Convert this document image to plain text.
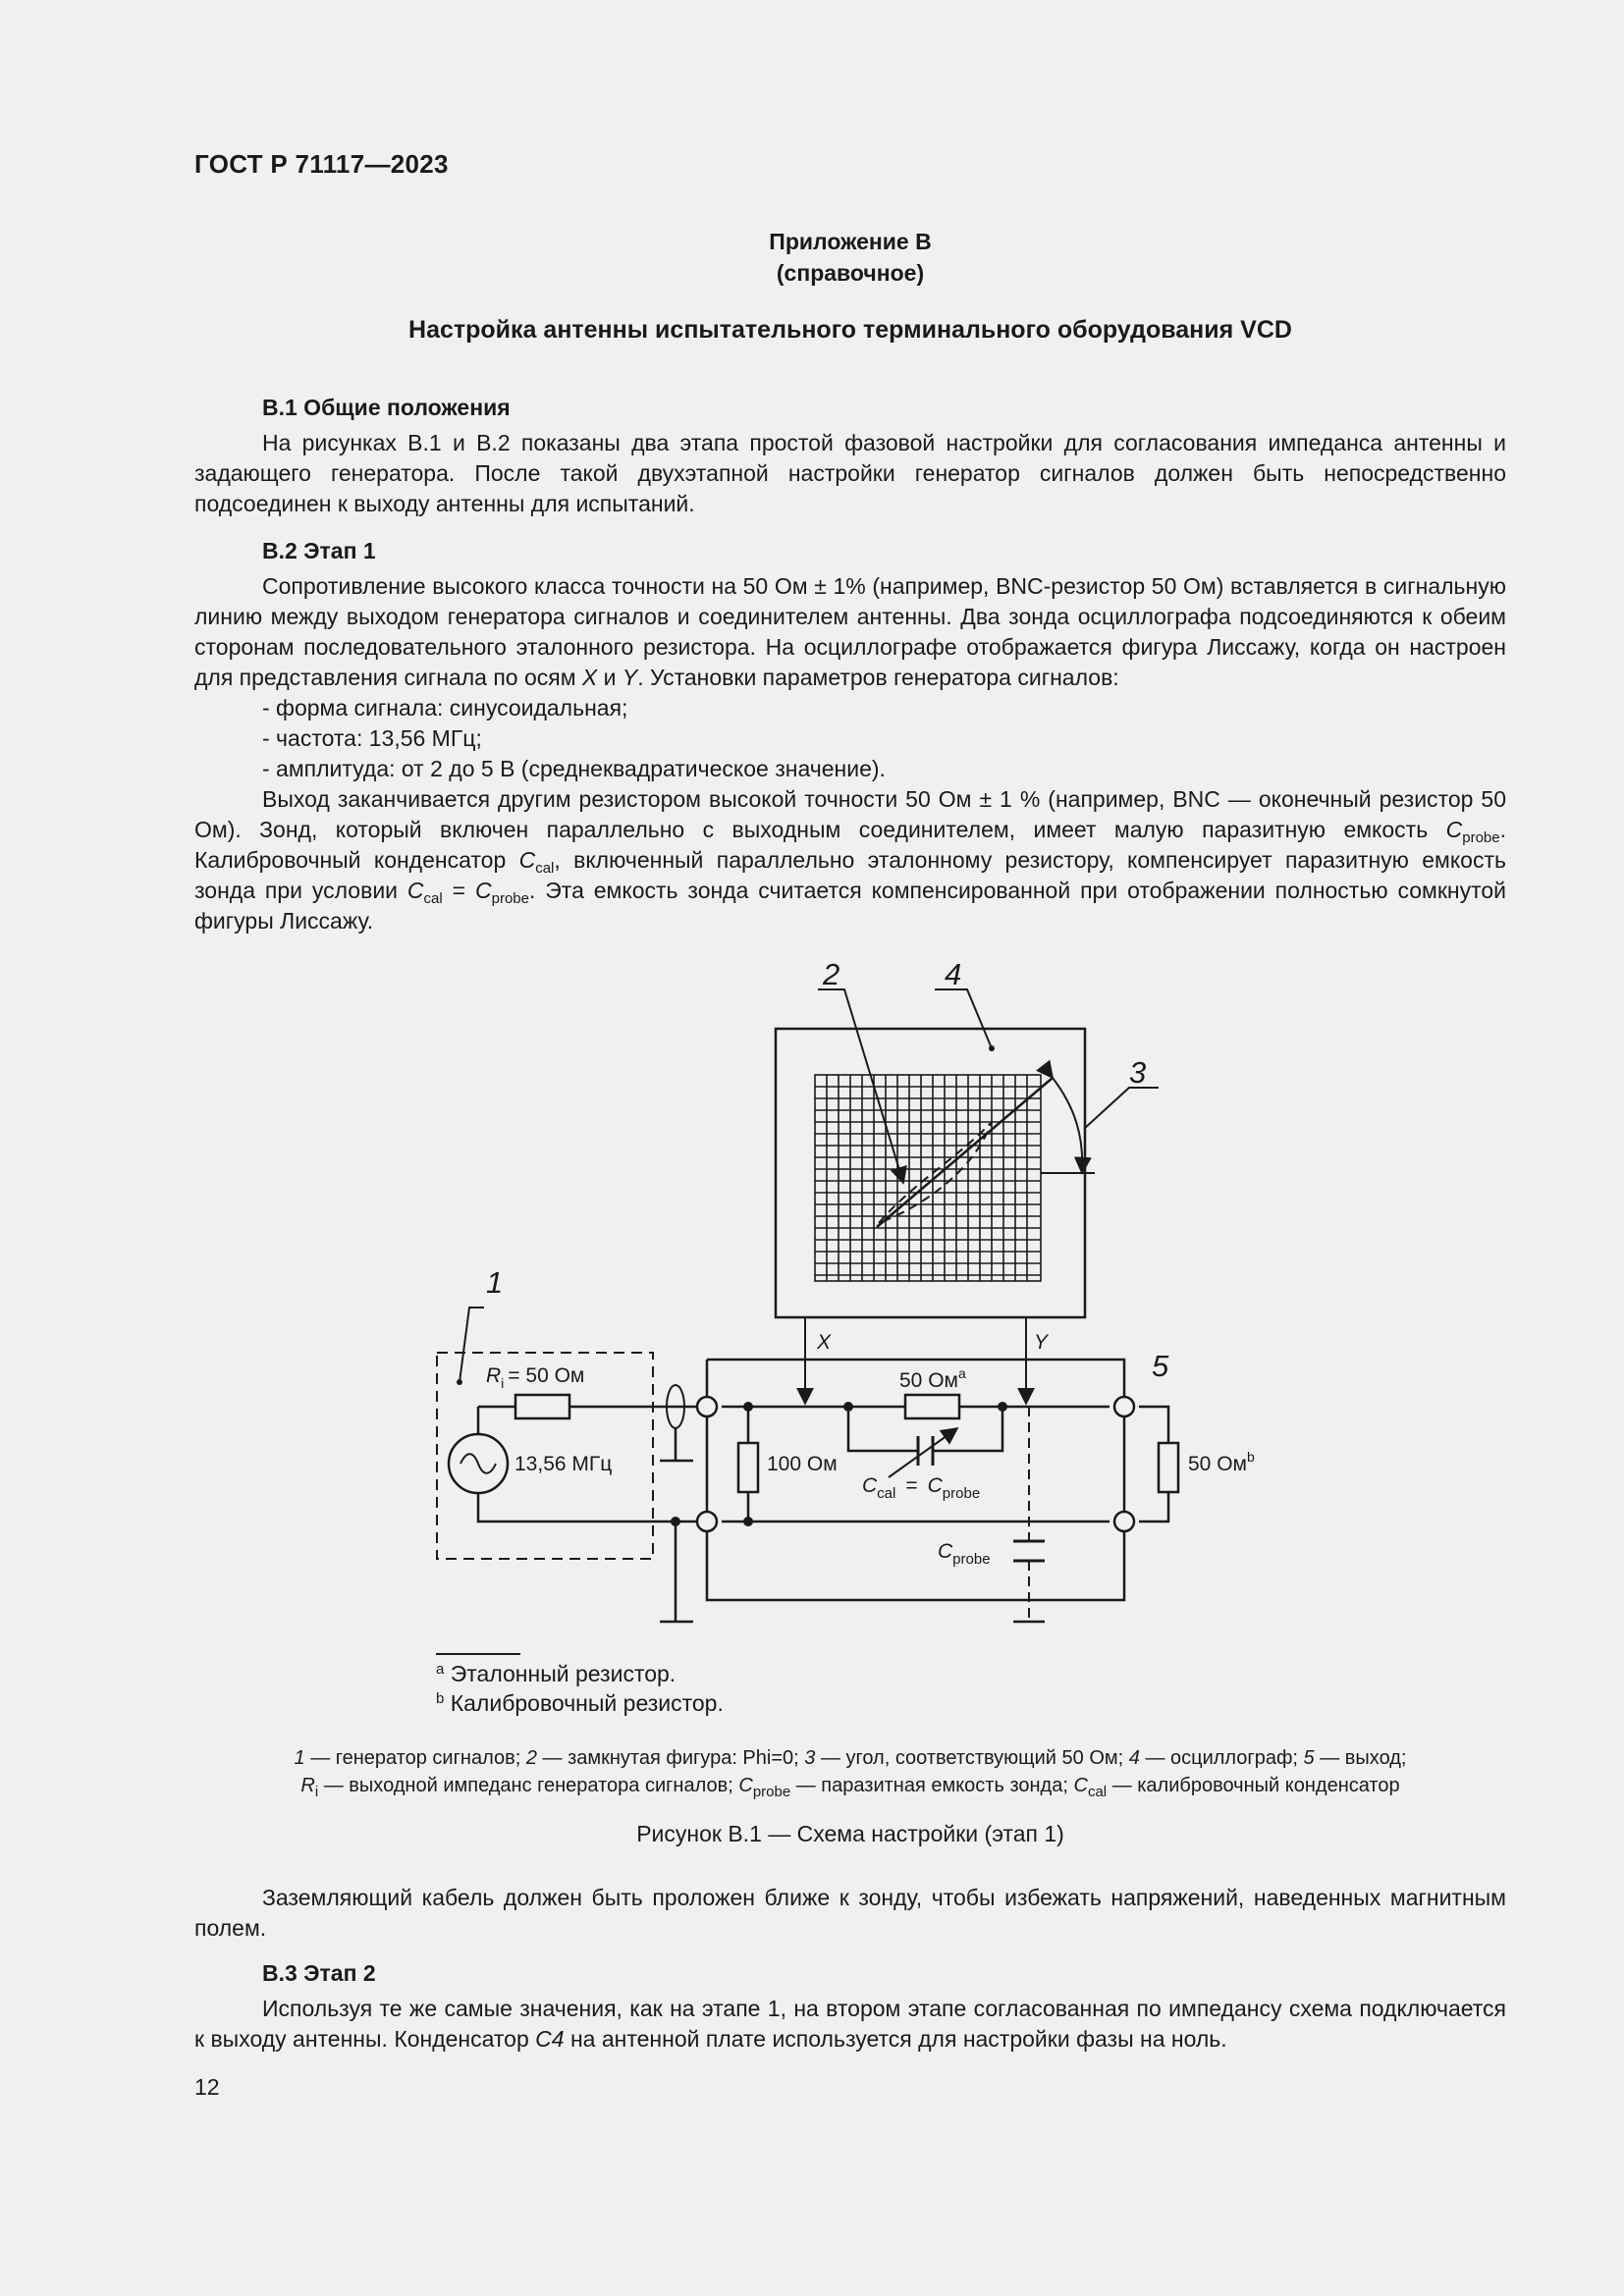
ГОСТ Р 71117—2023
Приложение В
(справочное)
Настройка антенны испытательного терминального оборудования VCD
В.1 Общие положения

На рисунках В.1 и В.2 показаны два этапа простой фазовой настройки для согласования импеданса антенны и задающего генератора. После такой двухэтапной настройки генератор сигналов должен быть непосредственно подсоединен к выходу антенны для испытаний.

В.2 Этап 1

Сопротивление высокого класса точности на 50 Ом ± 1% (например, BNC-резистор 50 Ом) вставляется в сигнальную линию между выходом генератора сигналов и соединителем антенны. Два зонда осциллографа подсоединяются к обеим сторонам последовательного эталонного резистора. На осциллографе отображается фигура Лиссажу, когда он настроен для представления сигнала по осям X и Y. Установки параметров генератора сигналов:

- форма сигнала: синусоидальная;

- частота: 13,56 МГц;

- амплитуда: от 2 до 5 В (среднеквадратическое значение).

Выход заканчивается другим резистором высокой точности 50 Ом ± 1 % (например, BNC — оконечный резистор 50 Ом). Зонд, который включен параллельно с выходным соединителем, имеет малую паразитную емкость $C_{probe}$. Калибровочный конденсатор $C_{cal}$, включенный параллельно эталонному резистору, компенсирует паразитную емкость зонда при условии $C_{cal} = C_{probe}$. Эта емкость зонда считается компенсированной при отображении полностью сомкнутой фигуры Лиссажу.

2	4
3
1
5
X	Y
$R_i = 50$ Ом
13,56 МГц	100 Ом
50 $Ом^a$
50 $Ом^b$
$C_{cal} = C_{probe}$
$C_{probe}$
$^a$ Эталонный резистор.
$^b$ Калибровочный резистор.
1 — генератор сигналов; 2 — замкнутая фигура: Phi=0; 3 — угол, соответствующий 50 Ом; 4 — осциллограф; 5 — выход;
$R_i$ — выходной импеданс генератора сигналов; $C_{probe}$ — паразитная емкость зонда; $C_{cal}$ — калибровочный конденсатор
Рисунок В.1 — Схема настройки (этап 1)

Заземляющий кабель должен быть проложен ближе к зонду, чтобы избежать напряжений, наведенных магнитным полем.

В.3 Этап 2

Используя те же самые значения, как на этапе 1, на втором этапе согласованная по импедансу схема подключается к выходу антенны. Конденсатор С4 на антенной плате используется для настройки фазы на ноль.

12
